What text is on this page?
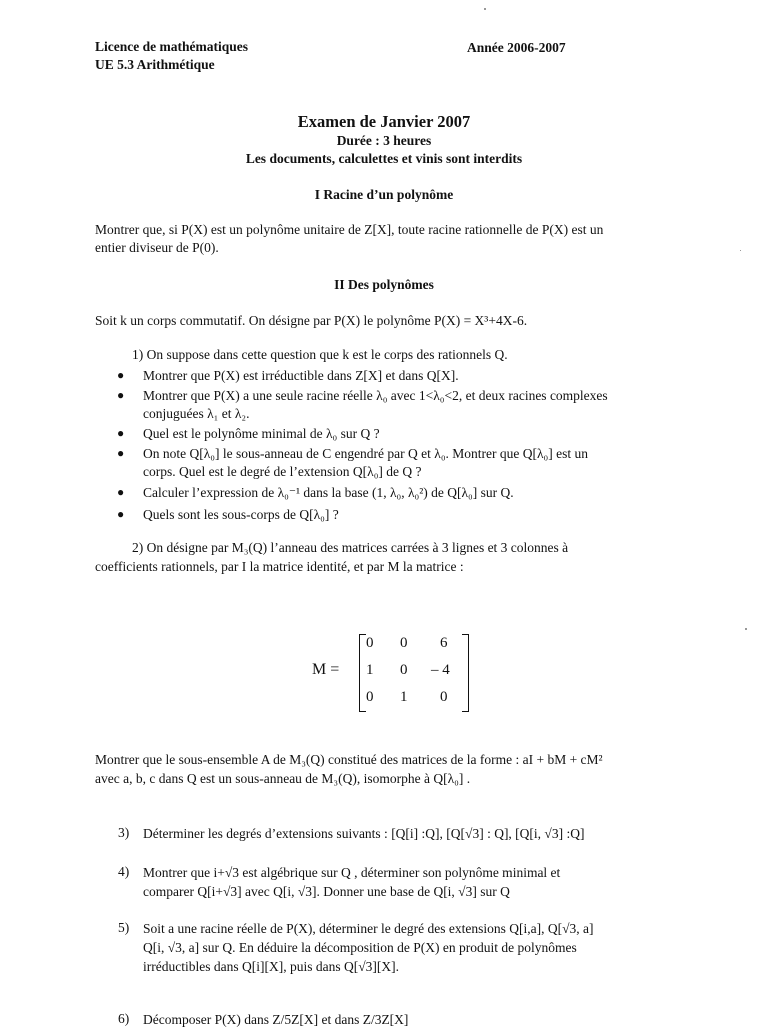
Licence de mathématiques
UE 5.3 Arithmétique
Année 2006-2007
Examen de Janvier 2007
Durée : 3 heures
Les documents, calculettes et vinis sont interdits
I Racine d’un polynôme
Montrer que, si P(X) est un polynôme unitaire de Z[X], toute racine rationnelle de P(X) est un
entier diviseur de P(0).
II Des polynômes
Soit k un corps commutatif. On désigne par P(X) le polynôme P(X) = X³+4X-6.
1) On suppose dans cette question que k est le corps des rationnels Q.
● Montrer que P(X) est irréductible dans Z[X] et dans Q[X].
● Montrer que P(X) a une seule racine réelle λ₀ avec 1<λ₀<2, et deux racines complexes
conjuguées λ₁ et λ₂.
● Quel est le polynôme minimal de λ₀ sur Q ?
● On note Q[λ₀] le sous-anneau de C engendré par Q et λ₀. Montrer que Q[λ₀] est un
corps. Quel est le degré de l’extension Q[λ₀] de Q ?
● Calculer l’expression de λ₀⁻¹ dans la base (1, λ₀, λ₀²) de Q[λ₀] sur Q.
● Quels sont les sous-corps de Q[λ₀] ?
2) On désigne par M₃(Q) l’anneau des matrices carrées à 3 lignes et 3 colonnes à
coefficients rationnels, par I la matrice identité, et par M la matrice :
M =
0 0 6
1 0 – 4
0 1 0
Montrer que le sous-ensemble A de M₃(Q) constitué des matrices de la forme : aI + bM + cM²
avec a, b, c dans Q est un sous-anneau de M₃(Q), isomorphe à Q[λ₀] .
3) Déterminer les degrés d’extensions suivants : [Q[i] :Q], [Q[√3] : Q], [Q[i, √3] :Q]
4) Montrer que i+√3 est algébrique sur Q , déterminer son polynôme minimal et
comparer Q[i+√3] avec Q[i, √3]. Donner une base de Q[i, √3] sur Q
5) Soit a une racine réelle de P(X), déterminer le degré des extensions Q[i,a], Q[√3, a]
Q[i, √3, a] sur Q. En déduire la décomposition de P(X) en produit de polynômes
irréductibles dans Q[i][X], puis dans Q[√3][X].
6) Décomposer P(X) dans Z/5Z[X] et dans Z/3Z[X]
